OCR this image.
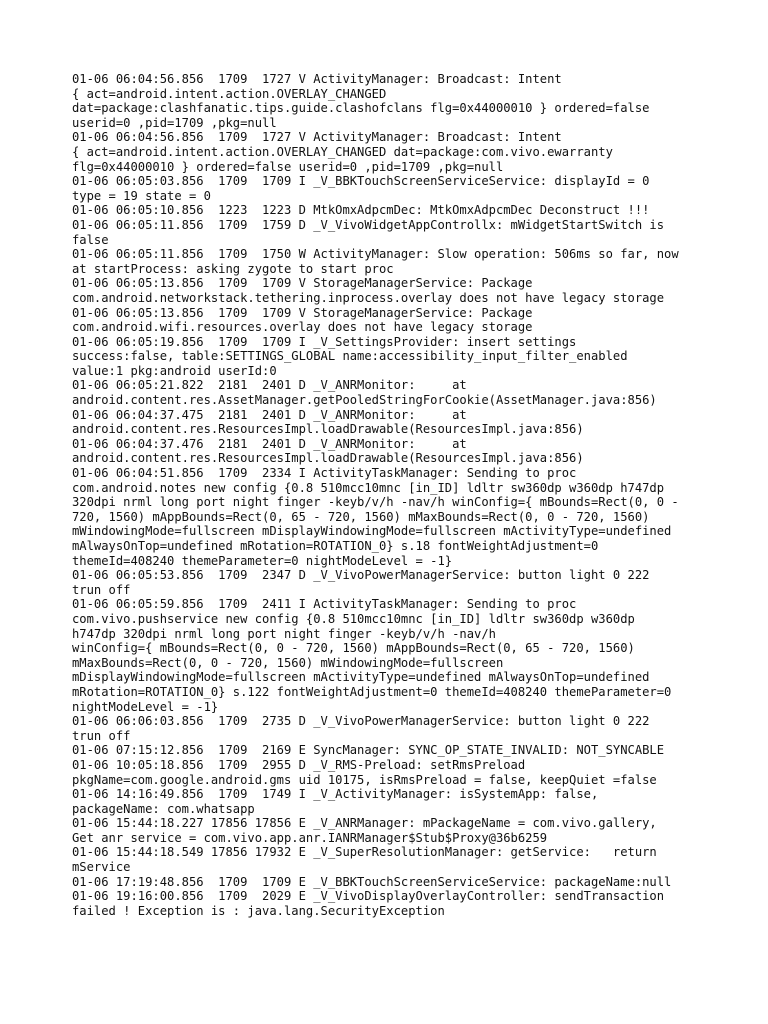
01-06 06:04:56.856  1709  1727 V ActivityManager: Broadcast: Intent

{ act=android.intent.action.OVERLAY_CHANGED

dat=package:clashfanatic.tips.guide.clashofclans flg=0x44000010 } ordered=false

userid=0 ,pid=1709 ,pkg=null

01-06 06:04:56.856  1709  1727 V ActivityManager: Broadcast: Intent

{ act=android.intent.action.OVERLAY_CHANGED dat=package:com.vivo.ewarranty

flg=0x44000010 } ordered=false userid=0 ,pid=1709 ,pkg=null

01-06 06:05:03.856  1709  1709 I _V_BBKTouchScreenServiceService: displayId = 0

type = 19 state = 0

01-06 06:05:10.856  1223  1223 D MtkOmxAdpcmDec: MtkOmxAdpcmDec Deconstruct !!!

01-06 06:05:11.856  1709  1759 D _V_VivoWidgetAppControllx: mWidgetStartSwitch is

false

01-06 06:05:11.856  1709  1750 W ActivityManager: Slow operation: 506ms so far, now

at startProcess: asking zygote to start proc

01-06 06:05:13.856  1709  1709 V StorageManagerService: Package

com.android.networkstack.tethering.inprocess.overlay does not have legacy storage

01-06 06:05:13.856  1709  1709 V StorageManagerService: Package

com.android.wifi.resources.overlay does not have legacy storage

01-06 06:05:19.856  1709  1709 I _V_SettingsProvider: insert settings

success:false, table:SETTINGS_GLOBAL name:accessibility_input_filter_enabled

value:1 pkg:android userId:0

01-06 06:05:21.822  2181  2401 D _V_ANRMonitor:     at

android.content.res.AssetManager.getPooledStringForCookie(AssetManager.java:856)

01-06 06:04:37.475  2181  2401 D _V_ANRMonitor:     at

android.content.res.ResourcesImpl.loadDrawable(ResourcesImpl.java:856)

01-06 06:04:37.476  2181  2401 D _V_ANRMonitor:     at

android.content.res.ResourcesImpl.loadDrawable(ResourcesImpl.java:856)

01-06 06:04:51.856  1709  2334 I ActivityTaskManager: Sending to proc

com.android.notes new config {0.8 510mcc10mnc [in_ID] ldltr sw360dp w360dp h747dp

320dpi nrml long port night finger -keyb/v/h -nav/h winConfig={ mBounds=Rect(0, 0 -

720, 1560) mAppBounds=Rect(0, 65 - 720, 1560) mMaxBounds=Rect(0, 0 - 720, 1560)

mWindowingMode=fullscreen mDisplayWindowingMode=fullscreen mActivityType=undefined

mAlwaysOnTop=undefined mRotation=ROTATION_0} s.18 fontWeightAdjustment=0

themeId=408240 themeParameter=0 nightModeLevel = -1}

01-06 06:05:53.856  1709  2347 D _V_VivoPowerManagerService: button light 0 222

trun off

01-06 06:05:59.856  1709  2411 I ActivityTaskManager: Sending to proc

com.vivo.pushservice new config {0.8 510mcc10mnc [in_ID] ldltr sw360dp w360dp

h747dp 320dpi nrml long port night finger -keyb/v/h -nav/h

winConfig={ mBounds=Rect(0, 0 - 720, 1560) mAppBounds=Rect(0, 65 - 720, 1560)

mMaxBounds=Rect(0, 0 - 720, 1560) mWindowingMode=fullscreen

mDisplayWindowingMode=fullscreen mActivityType=undefined mAlwaysOnTop=undefined

mRotation=ROTATION_0} s.122 fontWeightAdjustment=0 themeId=408240 themeParameter=0

nightModeLevel = -1}

01-06 06:06:03.856  1709  2735 D _V_VivoPowerManagerService: button light 0 222

trun off

01-06 07:15:12.856  1709  2169 E SyncManager: SYNC_OP_STATE_INVALID: NOT_SYNCABLE

01-06 10:05:18.856  1709  2955 D _V_RMS-Preload: setRmsPreload

pkgName=com.google.android.gms uid 10175, isRmsPreload = false, keepQuiet =false

01-06 14:16:49.856  1709  1749 I _V_ActivityManager: isSystemApp: false,

packageName: com.whatsapp

01-06 15:44:18.227 17856 17856 E _V_ANRManager: mPackageName = com.vivo.gallery,

Get anr service = com.vivo.app.anr.IANRManager$Stub$Proxy@36b6259

01-06 15:44:18.549 17856 17932 E _V_SuperResolutionManager: getService:   return

mService

01-06 17:19:48.856  1709  1709 E _V_BBKTouchScreenServiceService: packageName:null

01-06 19:16:00.856  1709  2029 E _V_VivoDisplayOverlayController: sendTransaction

failed ! Exception is : java.lang.SecurityException
